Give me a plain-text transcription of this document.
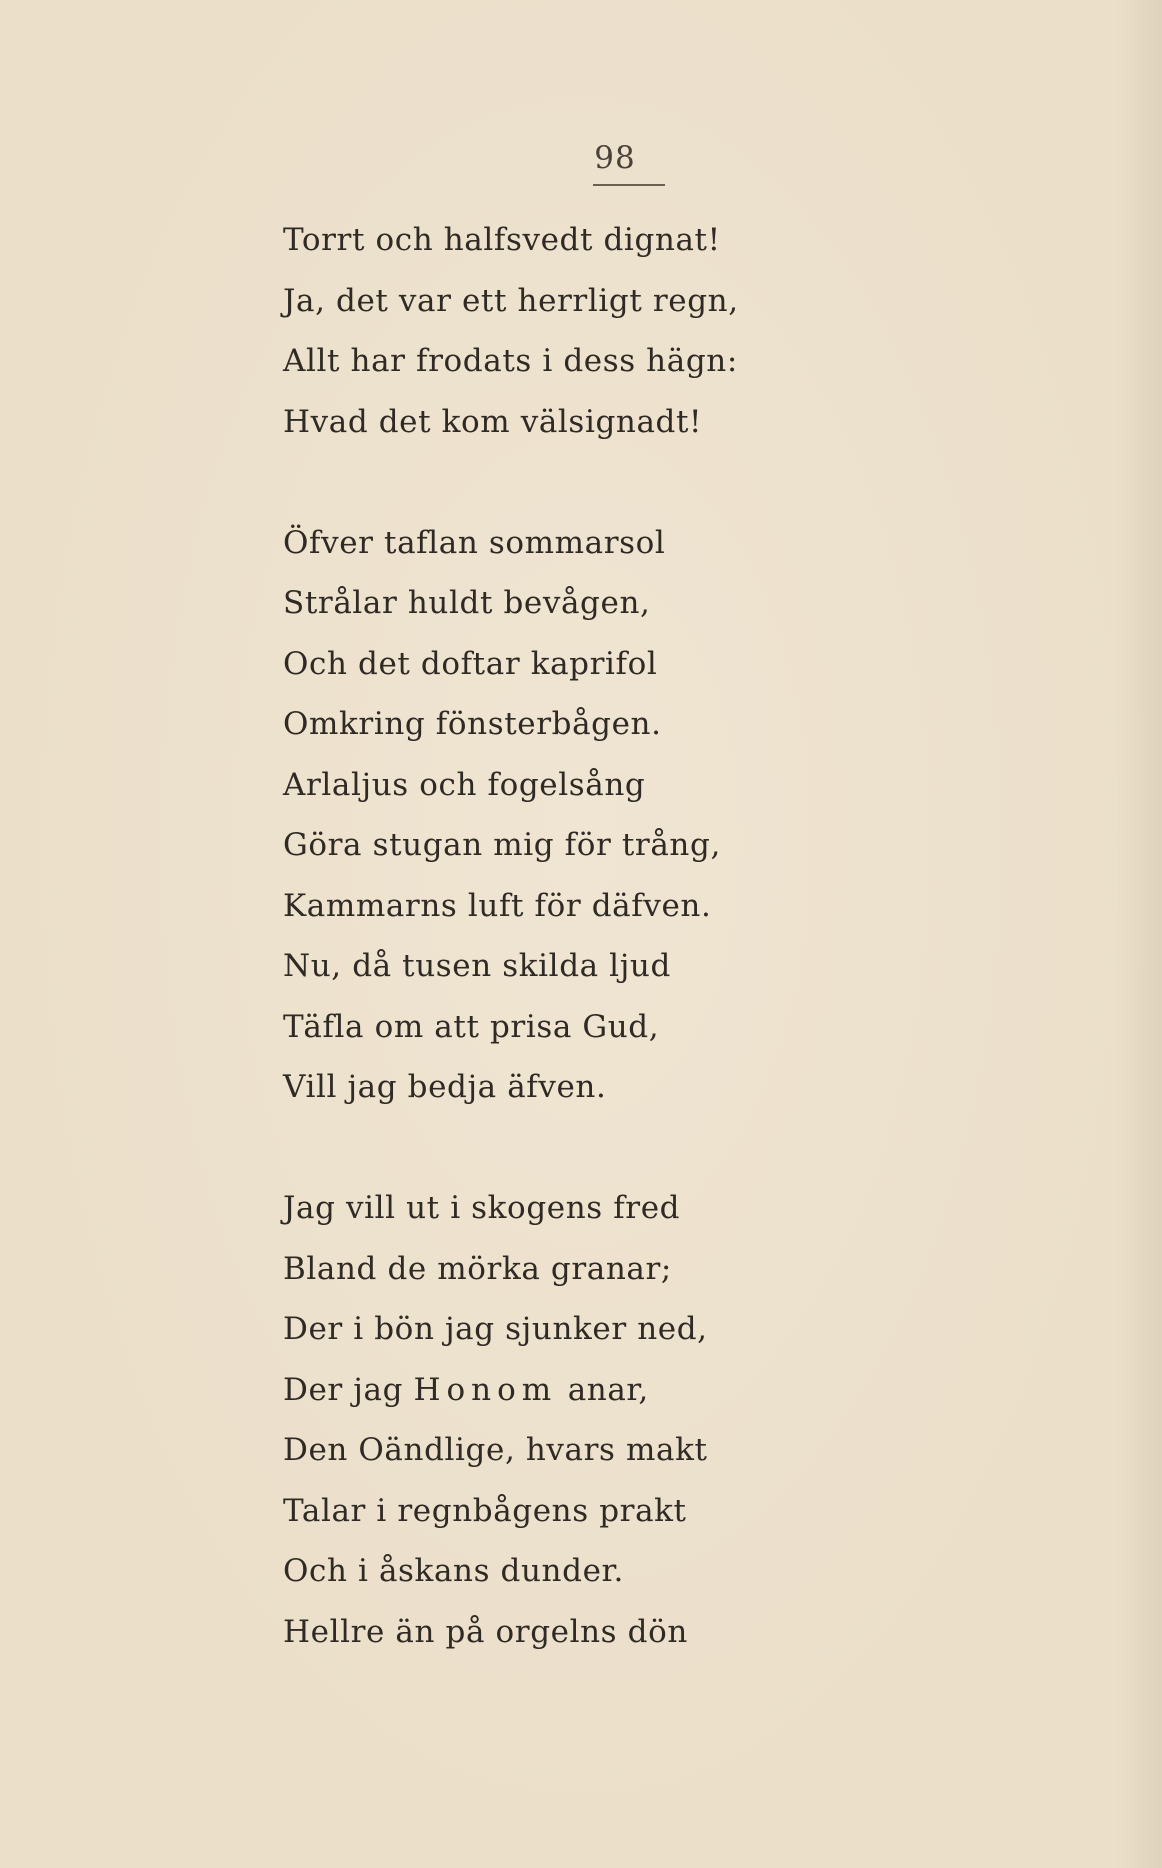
98
Torrt och halfsvedt dignat!
Ja, det var ett herrligt regn,
Allt har frodats i dess hägn:
Hvad det kom välsignadt!
Öfver taflan sommarsol
Strålar huldt bevågen,
Och det doftar kaprifol
Omkring fönsterbågen.
Arlaljus och fogelsång
Göra stugan mig för trång,
Kammarns luft för däfven.
Nu, då tusen skilda ljud
Täfla om att prisa Gud,
Vill jag bedja äfven.
Jag vill ut i skogens fred
Bland de mörka granar;
Der i bön jag sjunker ned,
Der jag Honom anar,
Den Oändlige, hvars makt
Talar i regnbågens prakt
Och i åskans dunder.
Hellre än på orgelns dön
